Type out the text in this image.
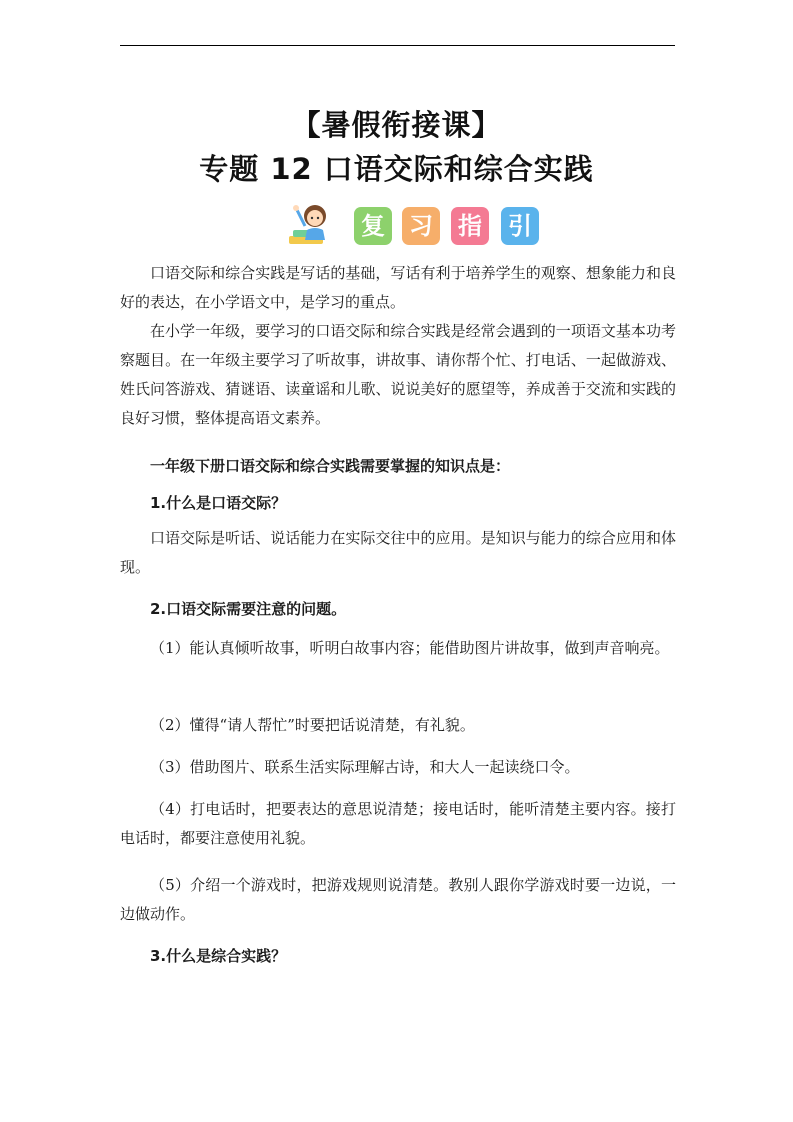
【暑假衔接课】
专题 12 口语交际和综合实践
复 习 指 引

口语交际和综合实践是写话的基础，写话有利于培养学生的观察、想象能力和良好的表达，在小学语文中，是学习的重点。

在小学一年级，要学习的口语交际和综合实践是经常会遇到的一项语文基本功考察题目。在一年级主要学习了听故事，讲故事、请你帮个忙、打电话、一起做游戏、姓氏问答游戏、猜谜语、读童谣和儿歌、说说美好的愿望等，养成善于交流和实践的良好习惯，整体提高语文素养。

一年级下册口语交际和综合实践需要掌握的知识点是：

1.什么是口语交际？

口语交际是听话、说话能力在实际交往中的应用。是知识与能力的综合应用和体现。

2.口语交际需要注意的问题。

（1）能认真倾听故事，听明白故事内容；能借助图片讲故事，做到声音响亮。

（2）懂得“请人帮忙”时要把话说清楚，有礼貌。

（3）借助图片、联系生活实际理解古诗，和大人一起读绕口令。

（4）打电话时，把要表达的意思说清楚；接电话时，能听清楚主要内容。接打电话时，都要注意使用礼貌。

（5）介绍一个游戏时，把游戏规则说清楚。教别人跟你学游戏时要一边说，一边做动作。

3.什么是综合实践？
